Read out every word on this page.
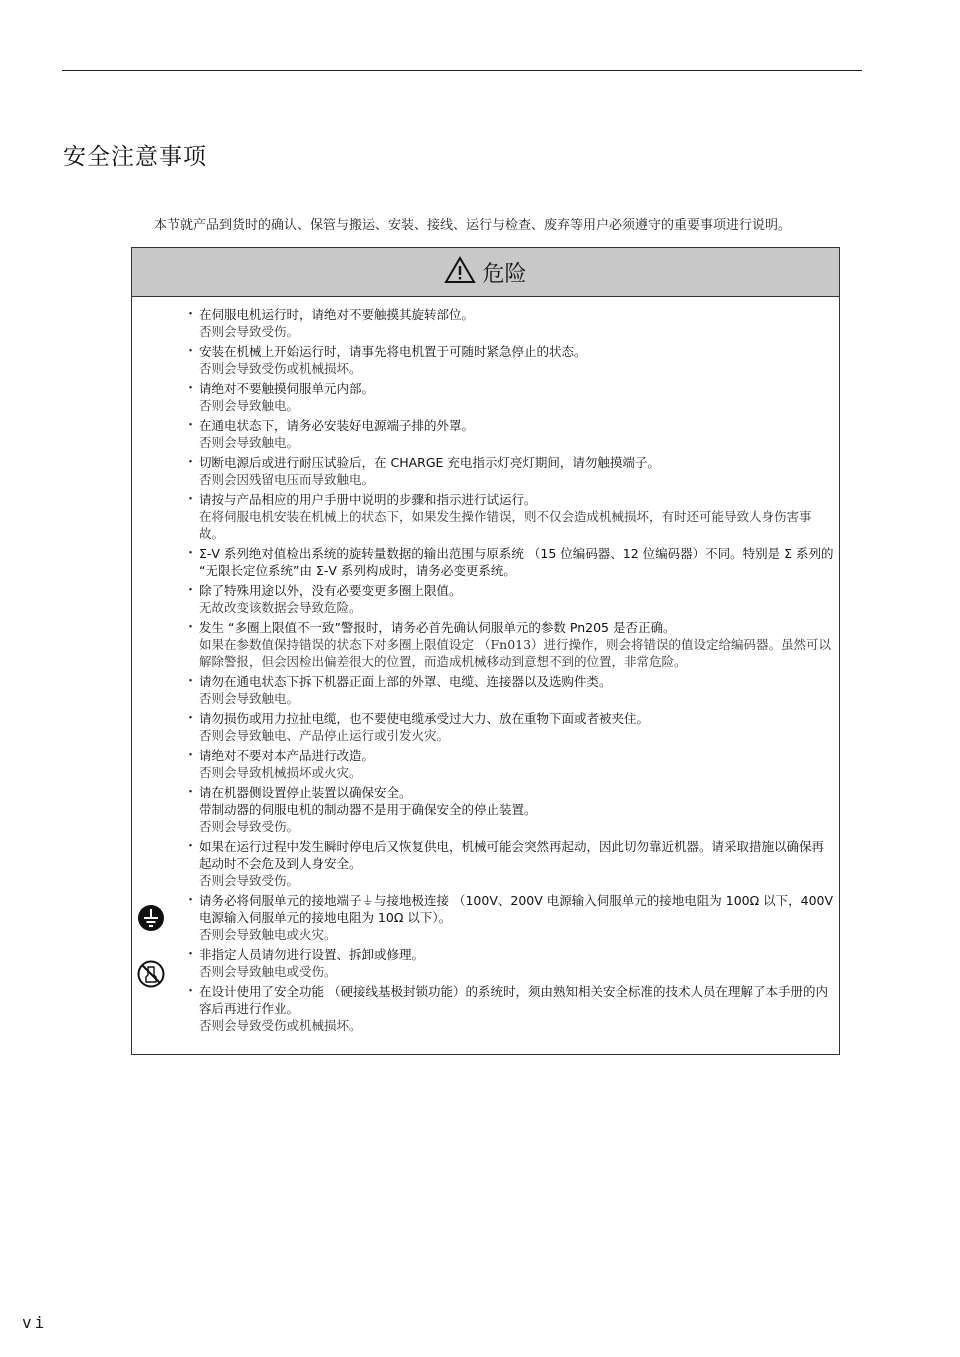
安全注意事项
本节就产品到货时的确认、保管与搬运、安装、接线、运行与检查、废弃等用户必须遵守的重要事项进行说明。
危险
・ 在伺服电机运行时，请绝对不要触摸其旋转部位。
否则会导致受伤。
・ 安装在机械上开始运行时，请事先将电机置于可随时紧急停止的状态。
否则会导致受伤或机械损坏。
・ 请绝对不要触摸伺服单元内部。
否则会导致触电。
・ 在通电状态下，请务必安装好电源端子排的外罩。
否则会导致触电。
・ 切断电源后或进行耐压试验后，在 CHARGE 充电指示灯亮灯期间，请勿触摸端子。
否则会因残留电压而导致触电。
・ 请按与产品相应的用户手册中说明的步骤和指示进行试运行。
在将伺服电机安装在机械上的状态下，如果发生操作错误，则不仅会造成机械损坏，有时还可能导致人身伤害事故。
・ Σ-V 系列绝对值检出系统的旋转量数据的输出范围与原系统 （15 位编码器、12 位编码器）不同。特别是 Σ 系列的 “无限长定位系统”由 Σ-V 系列构成时，请务必变更系统。
・ 除了特殊用途以外，没有必要变更多圈上限值。
无故改变该数据会导致危险。
・ 发生 “多圈上限值不一致”警报时，请务必首先确认伺服单元的参数 Pn205 是否正确。
如果在参数值保持错误的状态下对多圈上限值设定 （Fn013）进行操作，则会将错误的值设定给编码器。虽然可以解除警报，但会因检出偏差很大的位置，而造成机械移动到意想不到的位置，非常危险。
・ 请勿在通电状态下拆下机器正面上部的外罩、电缆、连接器以及选购件类。
否则会导致触电。
・ 请勿损伤或用力拉扯电缆，也不要使电缆承受过大力、放在重物下面或者被夹住。
否则会导致触电、产品停止运行或引发火灾。
・ 请绝对不要对本产品进行改造。
否则会导致机械损坏或火灾。
・ 请在机器侧设置停止装置以确保安全。
带制动器的伺服电机的制动器不是用于确保安全的停止装置。
否则会导致受伤。
・ 如果在运行过程中发生瞬时停电后又恢复供电，机械可能会突然再起动，因此切勿靠近机器。请采取措施以确保再起动时不会危及到人身安全。
否则会导致受伤。
・ 请务必将伺服单元的接地端子⏚与接地极连接 （100V、200V 电源输入伺服单元的接地电阻为 100Ω 以下，400V 电源输入伺服单元的接地电阻为 10Ω 以下）。
否则会导致触电或火灾。
・ 非指定人员请勿进行设置、拆卸或修理。
否则会导致触电或受伤。
・ 在设计使用了安全功能 （硬接线基极封锁功能）的系统时，须由熟知相关安全标准的技术人员在理解了本手册的内容后再进行作业。
否则会导致受伤或机械损坏。
vi
